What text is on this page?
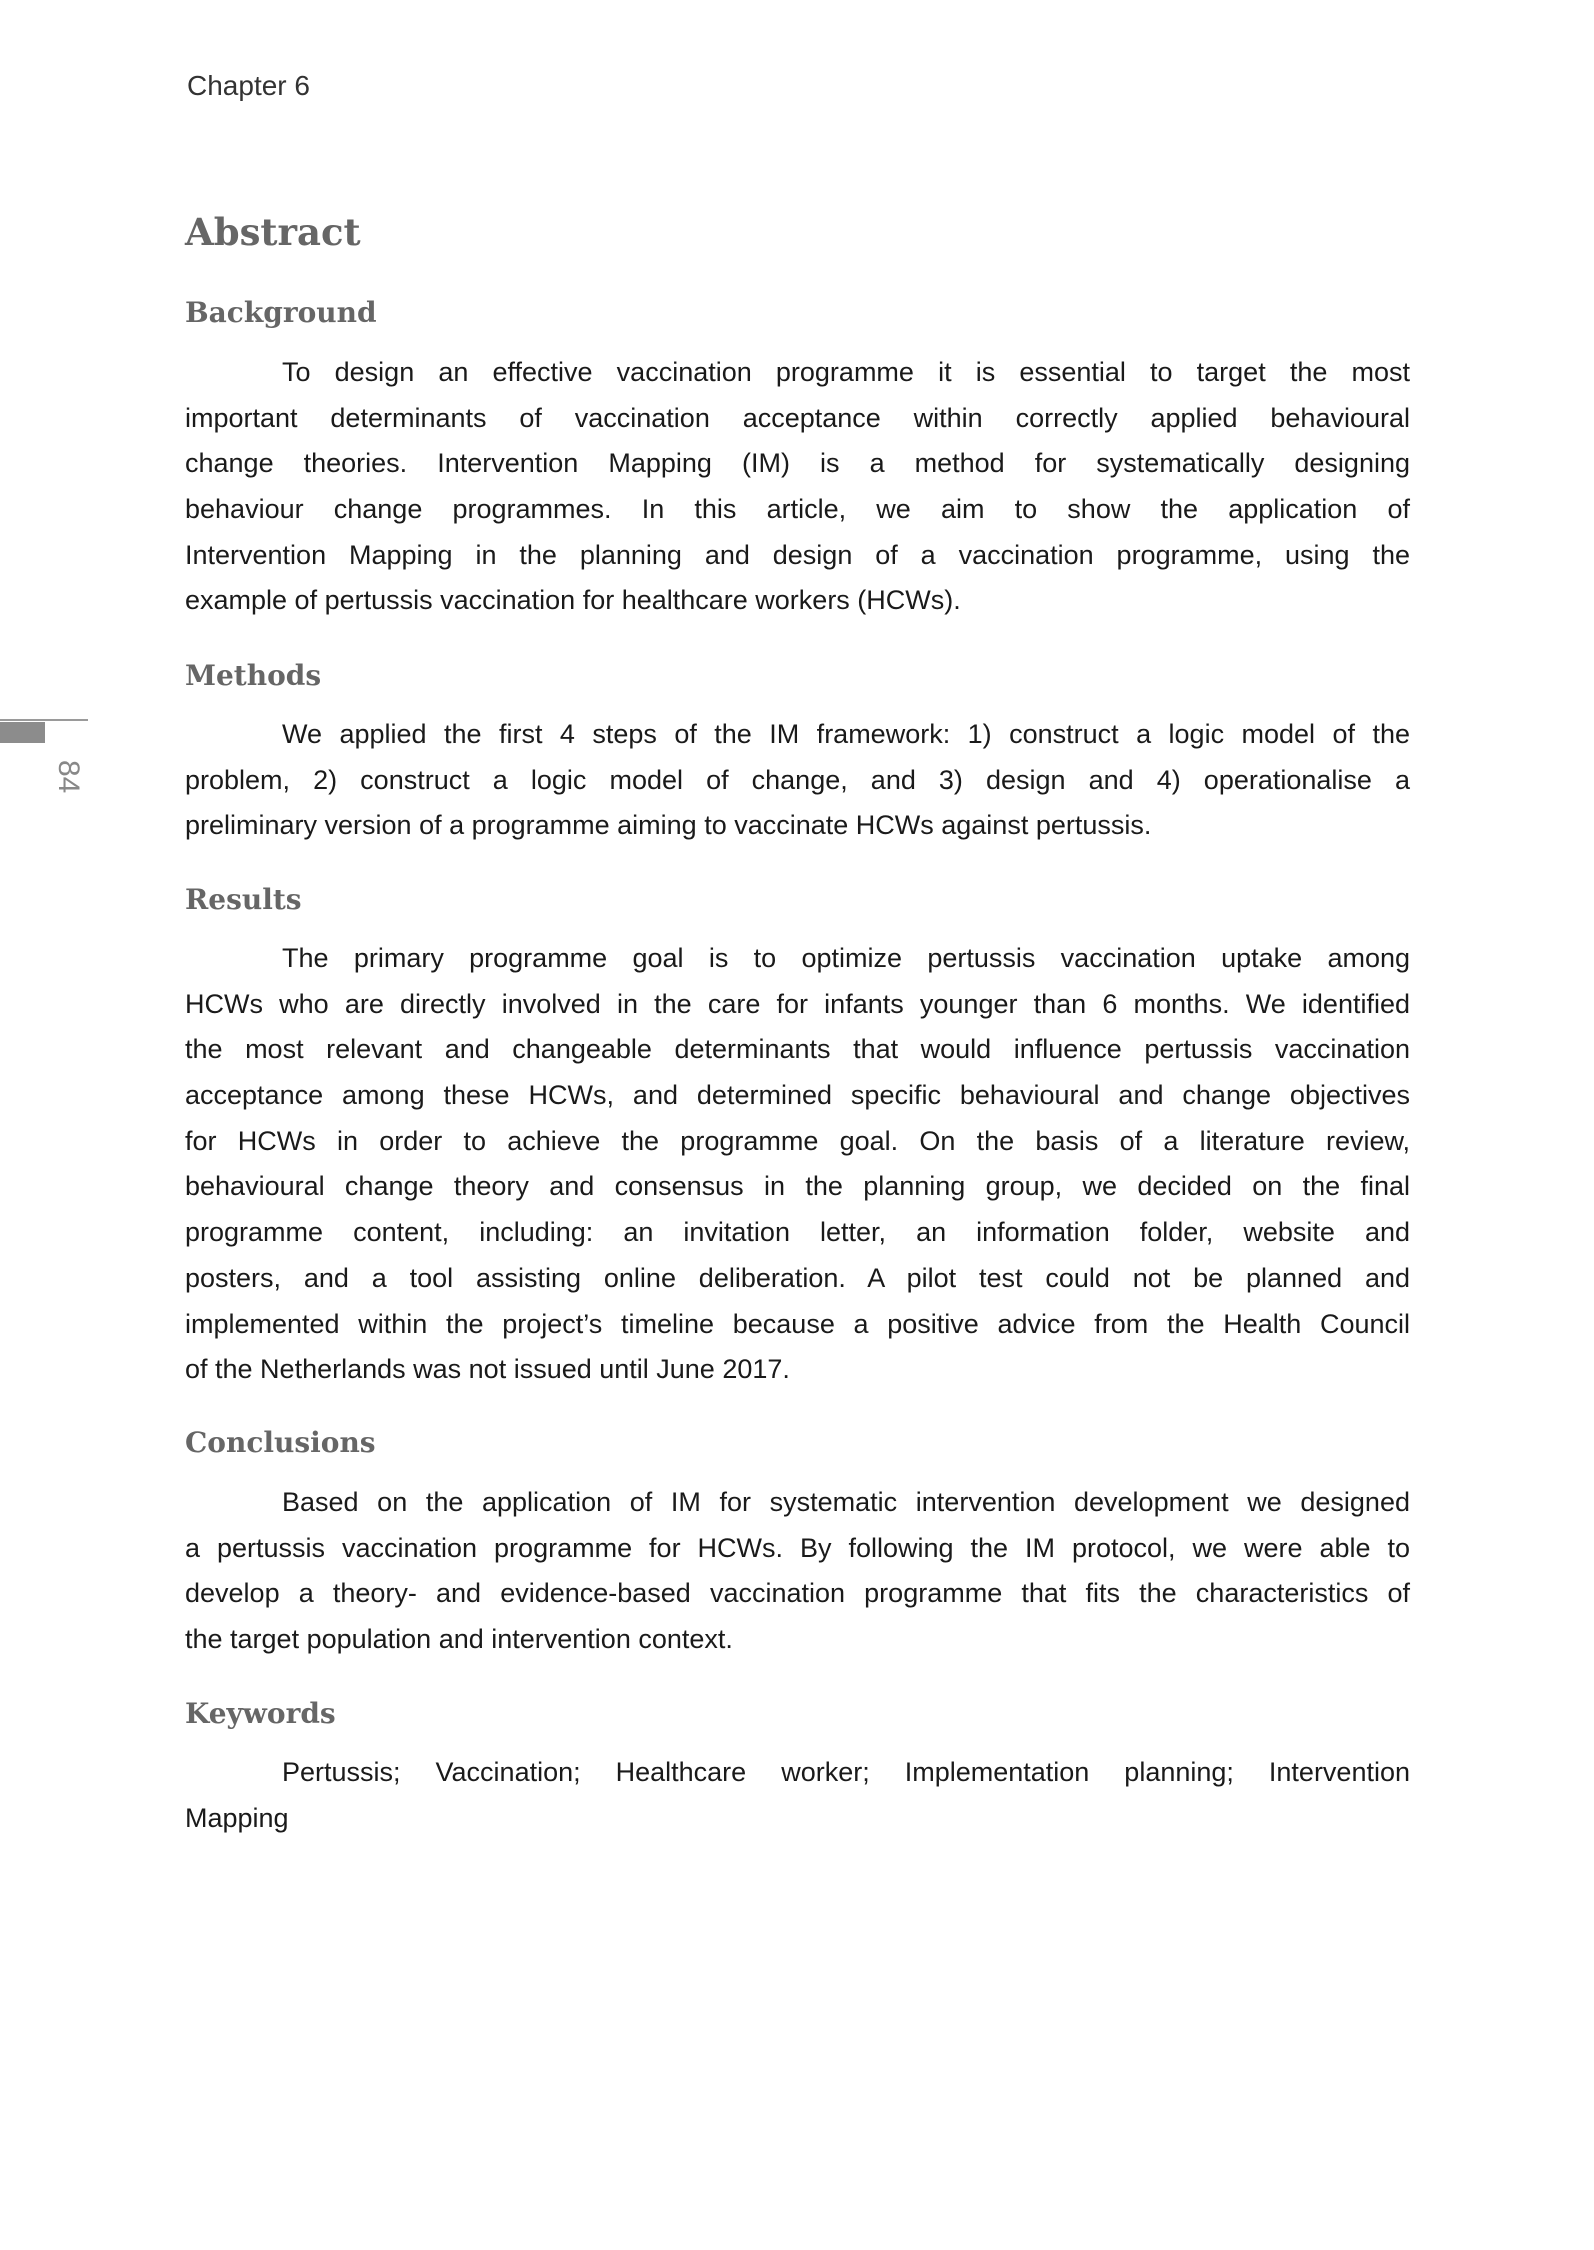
Chapter 6
84
Abstract
Background
To design an effective vaccination programme it is essential to target the most
important determinants of vaccination acceptance within correctly applied behavioural
change theories. Intervention Mapping (IM) is a method for systematically designing
behaviour change programmes. In this article, we aim to show the application of
Intervention Mapping in the planning and design of a vaccination programme, using the
example of pertussis vaccination for healthcare workers (HCWs).
Methods
We applied the first 4 steps of the IM framework: 1) construct a logic model of the
problem, 2) construct a logic model of change, and 3) design and 4) operationalise a
preliminary version of a programme aiming to vaccinate HCWs against pertussis.
Results
The primary programme goal is to optimize pertussis vaccination uptake among
HCWs who are directly involved in the care for infants younger than 6 months. We identified
the most relevant and changeable determinants that would influence pertussis vaccination
acceptance among these HCWs, and determined specific behavioural and change objectives
for HCWs in order to achieve the programme goal. On the basis of a literature review,
behavioural change theory and consensus in the planning group, we decided on the final
programme content, including: an invitation letter, an information folder, website and
posters, and a tool assisting online deliberation. A pilot test could not be planned and
implemented within the project’s timeline because a positive advice from the Health Council
of the Netherlands was not issued until June 2017.
Conclusions
Based on the application of IM for systematic intervention development we designed
a pertussis vaccination programme for HCWs. By following the IM protocol, we were able to
develop a theory- and evidence-based vaccination programme that fits the characteristics of
the target population and intervention context.
Keywords
Pertussis; Vaccination; Healthcare worker; Implementation planning; Intervention
Mapping
